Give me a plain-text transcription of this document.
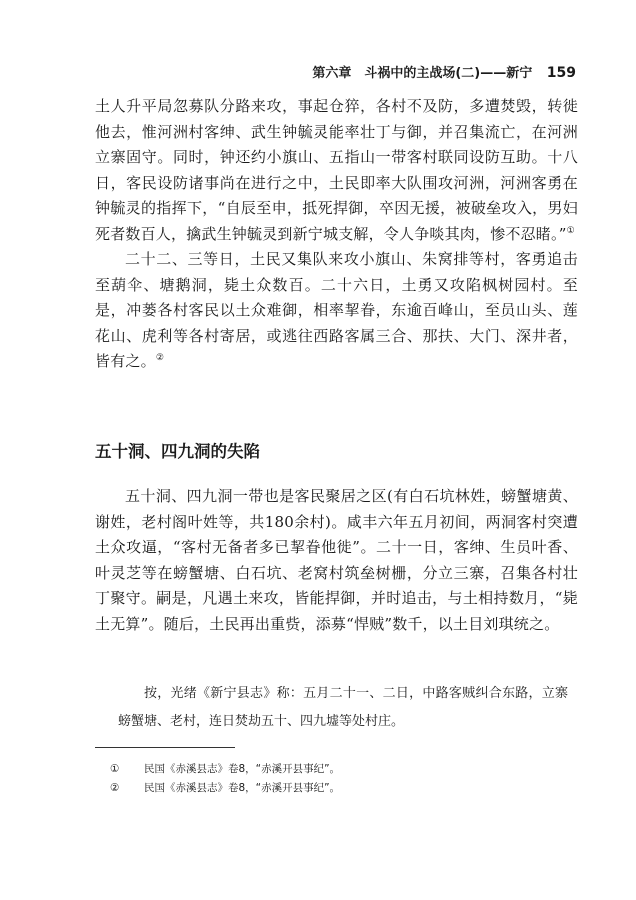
第六章　斗祸中的主战场(二)——新宁 159

土人升平局忽募队分路来攻，事起仓猝，各村不及防，多遭焚毁，转徙他去，惟河洲村客绅、武生钟毓灵能率壮丁与御，并召集流亡，在河洲立寨固守。同时，钟还约小旗山、五指山一带客村联同设防互助。十八日，客民设防诸事尚在进行之中，土民即率大队围攻河洲，河洲客勇在钟毓灵的指挥下，“自辰至申，抵死捍御，卒因无援，被破垒攻入，男妇死者数百人，擒武生钟毓灵到新宁城支解，令人争啖其肉，惨不忍睹。”①

二十二、三等日，土民又集队来攻小旗山、朱窝排等村，客勇追击至葫伞、塘鹅洞，毙土众数百。二十六日，土勇又攻陷枫树园村。至是，冲蒌各村客民以土众难御，相率挈眷，东逾百峰山，至员山头、莲花山、虎利等各村寄居，或逃往西路客属三合、那扶、大门、深井者，皆有之。②

五十洞、四九洞的失陷

五十洞、四九洞一带也是客民聚居之区(有白石坑林姓，螃蟹塘黄、谢姓，老村阁叶姓等，共180余村)。咸丰六年五月初间，两洞客村突遭土众攻逼，“客村无备者多已挈眷他徙”。二十一日，客绅、生员叶香、叶灵芝等在螃蟹塘、白石坑、老窝村筑垒树栅，分立三寨，召集各村壮丁聚守。嗣是，凡遇土来攻，皆能捍御，并时追击，与土相持数月，“毙土无算”。随后，土民再出重赀，添募“悍贼”数千，以土目刘琪统之。

按，光绪《新宁县志》称：五月二十一、二日，中路客贼纠合东路，立寨螃蟹塘、老村，连日焚劫五十、四九墟等处村庄。

① 民国《赤溪县志》卷8，“赤溪开县事纪”。
② 民国《赤溪县志》卷8，“赤溪开县事纪”。
